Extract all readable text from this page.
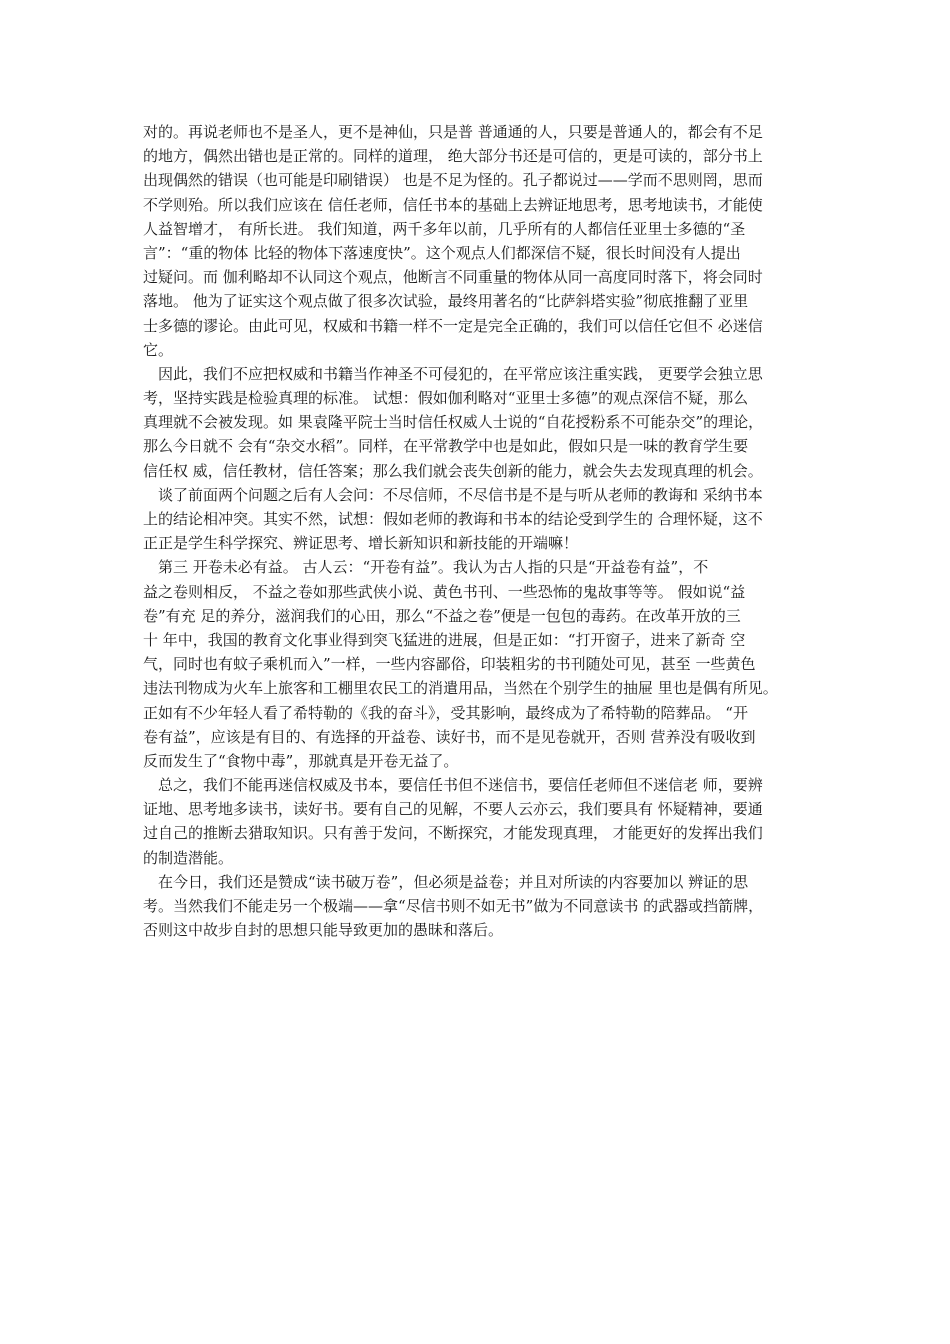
对的。再说老师也不是圣人，更不是神仙，只是普 普通通的人，只要是普通人的，都会有不足
的地方，偶然出错也是正常的。同样的道理， 绝大部分书还是可信的，更是可读的，部分书上
出现偶然的错误（也可能是印刷错误） 也是不足为怪的。孔子都说过——学而不思则罔，思而
不学则殆。所以我们应该在 信任老师，信任书本的基础上去辨证地思考，思考地读书，才能使
人益智增才， 有所长进。 我们知道，两千多年以前，几乎所有的人都信任亚里士多德的“圣
言”：“重的物体 比轻的物体下落速度快”。这个观点人们都深信不疑，很长时间没有人提出
过疑问。而 伽利略却不认同这个观点，他断言不同重量的物体从同一高度同时落下，将会同时
落地。 他为了证实这个观点做了很多次试验，最终用著名的“比萨斜塔实验”彻底推翻了亚里
士多德的谬论。由此可见，权威和书籍一样不一定是完全正确的，我们可以信任它但不 必迷信
它。
因此，我们不应把权威和书籍当作神圣不可侵犯的，在平常应该注重实践， 更要学会独立思
考，坚持实践是检验真理的标准。 试想：假如伽利略对“亚里士多德”的观点深信不疑，那么
真理就不会被发现。如 果袁隆平院士当时信任权威人士说的“自花授粉系不可能杂交”的理论，
那么今日就不 会有“杂交水稻”。同样，在平常教学中也是如此，假如只是一味的教育学生要
信任权 威，信任教材，信任答案；那么我们就会丧失创新的能力，就会失去发现真理的机会。
谈了前面两个问题之后有人会问：不尽信师，不尽信书是不是与听从老师的教诲和 采纳书本
上的结论相冲突。其实不然，试想：假如老师的教诲和书本的结论受到学生的 合理怀疑，这不
正正是学生科学探究、辨证思考、增长新知识和新技能的开端嘛！
第三 开卷未必有益。 古人云：“开卷有益”。我认为古人指的只是“开益卷有益”，不
益之卷则相反， 不益之卷如那些武侠小说、黄色书刊、一些恐怖的鬼故事等等。 假如说“益
卷”有充 足的养分，滋润我们的心田，那么“不益之卷”便是一包包的毒药。在改革开放的三
十 年中，我国的教育文化事业得到突飞猛进的进展，但是正如：“打开窗子，进来了新奇 空
气，同时也有蚊子乘机而入”一样，一些内容鄙俗，印装粗劣的书刊随处可见，甚至 一些黄色
违法刊物成为火车上旅客和工棚里农民工的消遣用品，当然在个别学生的抽屉 里也是偶有所见。
正如有不少年轻人看了希特勒的《我的奋斗》，受其影响，最终成为了希特勒的陪葬品。 “开
卷有益”，应该是有目的、有选择的开益卷、读好书，而不是见卷就开，否则 营养没有吸收到
反而发生了“食物中毒”，那就真是开卷无益了。
总之，我们不能再迷信权威及书本，要信任书但不迷信书，要信任老师但不迷信老 师，要辨
证地、思考地多读书，读好书。要有自己的见解，不要人云亦云，我们要具有 怀疑精神，要通
过自己的推断去猎取知识。只有善于发问，不断探究，才能发现真理， 才能更好的发挥出我们
的制造潜能。
在今日，我们还是赞成“读书破万卷”，但必须是益卷；并且对所读的内容要加以 辨证的思
考。当然我们不能走另一个极端——拿“尽信书则不如无书”做为不同意读书 的武器或挡箭牌，
否则这中故步自封的思想只能导致更加的愚昧和落后。
